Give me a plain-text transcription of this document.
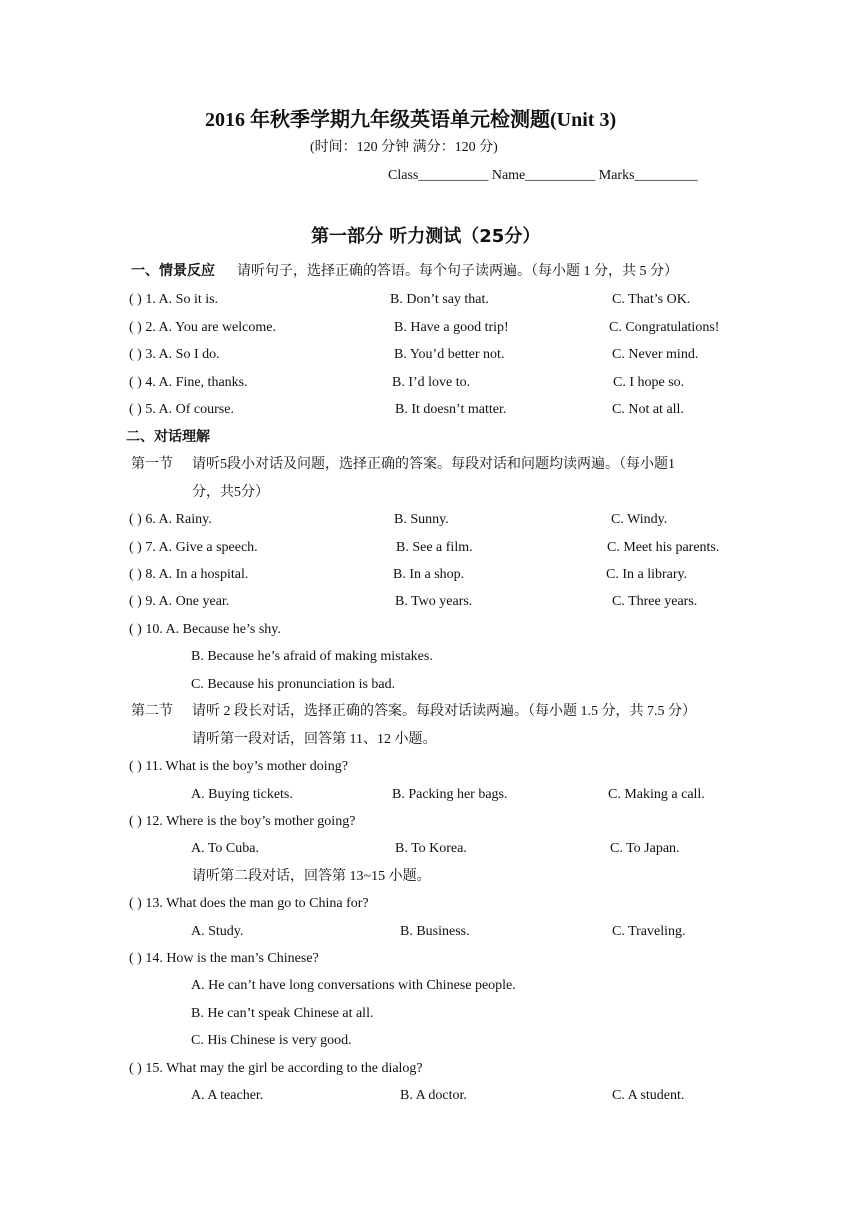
2016 年秋季学期九年级英语单元检测题(Unit 3)
(时间：120 分钟 满分：120 分)
Class__________ Name__________ Marks_________
第一部分 听力测试（25分）
一、情景反应 请听句子，选择正确的答语。每个句子读两遍。（每小题 1 分，共 5 分）
( ) 1. A. So it is.	B. Don’t say that.	C. That’s OK.
( ) 2. A. You are welcome.	B. Have a good trip!	C. Congratulations!
( ) 3. A. So I do.	B. You’d better not.	C. Never mind.
( ) 4. A. Fine, thanks.	B. I’d love to.	C. I hope so.
( ) 5. A. Of course.	B. It doesn’t matter.	C. Not at all.
二、对话理解
第一节 请听5段小对话及问题，选择正确的答案。每段对话和问题均读两遍。（每小题1
分，共5分）
( ) 6. A. Rainy.	B. Sunny.	C. Windy.
( ) 7. A. Give a speech.	B. See a film.	C. Meet his parents.
( ) 8. A. In a hospital.	B. In a shop.	C. In a library.
( ) 9. A. One year.	B. Two years.	C. Three years.
( ) 10. A. Because he’s shy.
B. Because he’s afraid of making mistakes.
C. Because his pronunciation is bad.
第二节 请听 2 段长对话，选择正确的答案。每段对话读两遍。（每小题 1.5 分，共 7.5 分）
请听第一段对话，回答第 11、12 小题。
( ) 11. What is the boy’s mother doing?
A. Buying tickets.	B. Packing her bags.	C. Making a call.
( ) 12. Where is the boy’s mother going?
A. To Cuba.	B. To Korea.	C. To Japan.
请听第二段对话，回答第 13~15 小题。
( ) 13. What does the man go to China for?
A. Study.	B. Business.	C. Traveling.
( ) 14. How is the man’s Chinese?
A. He can’t have long conversations with Chinese people.
B. He can’t speak Chinese at all.
C. His Chinese is very good.
( ) 15. What may the girl be according to the dialog?
A. A teacher.	B. A doctor.	C. A student.
